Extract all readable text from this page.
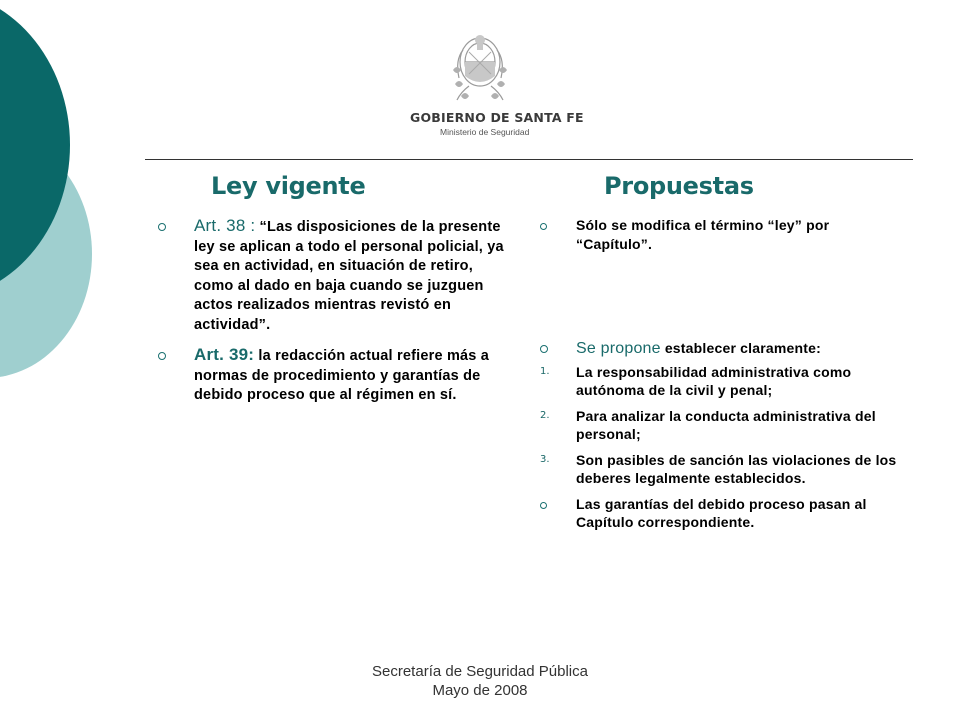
GOBIERNO DE SANTA FE
Ministerio de Seguridad
Ley vigente	Propuestas
Art. 38 : “Las disposiciones de la presente ley se aplican a todo el personal policial, ya sea en actividad, en situación de retiro, como al dado en baja cuando se juzguen actos realizados mientras revistó en actividad”.
Art. 39: la redacción actual refiere más a normas de procedimiento y garantías de debido proceso que al régimen en sí.
Sólo se modifica el término “ley” por “Capítulo”.
Se propone establecer claramente:
1. La responsabilidad administrativa como autónoma de la civil y penal;
2. Para analizar la conducta administrativa del personal;
3. Son pasibles de sanción las violaciones de los deberes legalmente establecidos.
Las garantías del debido proceso pasan al Capítulo correspondiente.
Secretaría de Seguridad Pública
Mayo de 2008
